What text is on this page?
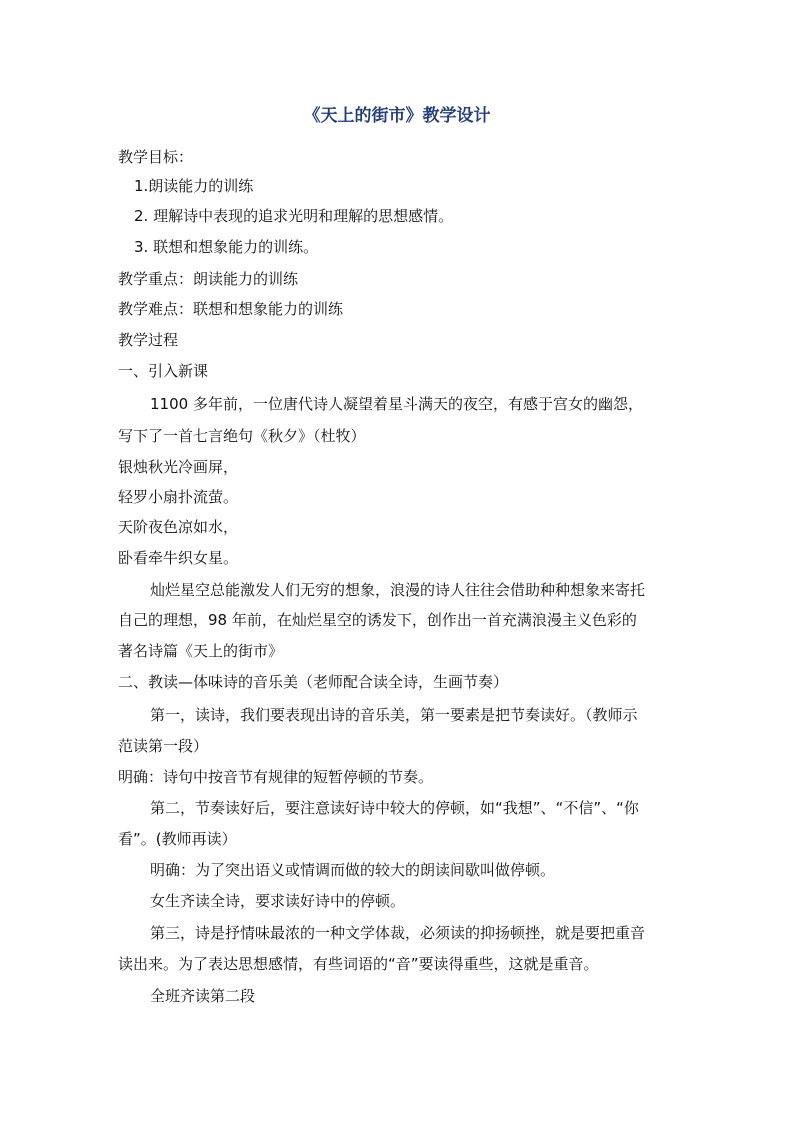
《天上的街市》教学设计
教学目标：
1.朗读能力的训练
2. 理解诗中表现的追求光明和理解的思想感情。
3. 联想和想象能力的训练。
教学重点：朗读能力的训练
教学难点：联想和想象能力的训练
教学过程
一、引入新课
1100 多年前，一位唐代诗人凝望着星斗满天的夜空，有感于宫女的幽怨，
写下了一首七言绝句《秋夕》（杜牧）
银烛秋光冷画屏，
轻罗小扇扑流萤。
天阶夜色凉如水，
卧看牵牛织女星。
灿烂星空总能激发人们无穷的想象，浪漫的诗人往往会借助种种想象来寄托
自己的理想，98 年前，在灿烂星空的诱发下，创作出一首充满浪漫主义色彩的
著名诗篇《天上的街市》
二、教读—体味诗的音乐美（老师配合读全诗，生画节奏）
第一，读诗，我们要表现出诗的音乐美，第一要素是把节奏读好。（教师示
范读第一段）
明确：诗句中按音节有规律的短暂停顿的节奏。
第二，节奏读好后，要注意读好诗中较大的停顿，如“我想”、“不信”、“你
看”。(教师再读）
明确：为了突出语义或情调而做的较大的朗读间歇叫做停顿。
女生齐读全诗，要求读好诗中的停顿。
第三，诗是抒情味最浓的一种文学体裁，必须读的抑扬顿挫，就是要把重音
读出来。为了表达思想感情，有些词语的“音”要读得重些，这就是重音。
全班齐读第二段
